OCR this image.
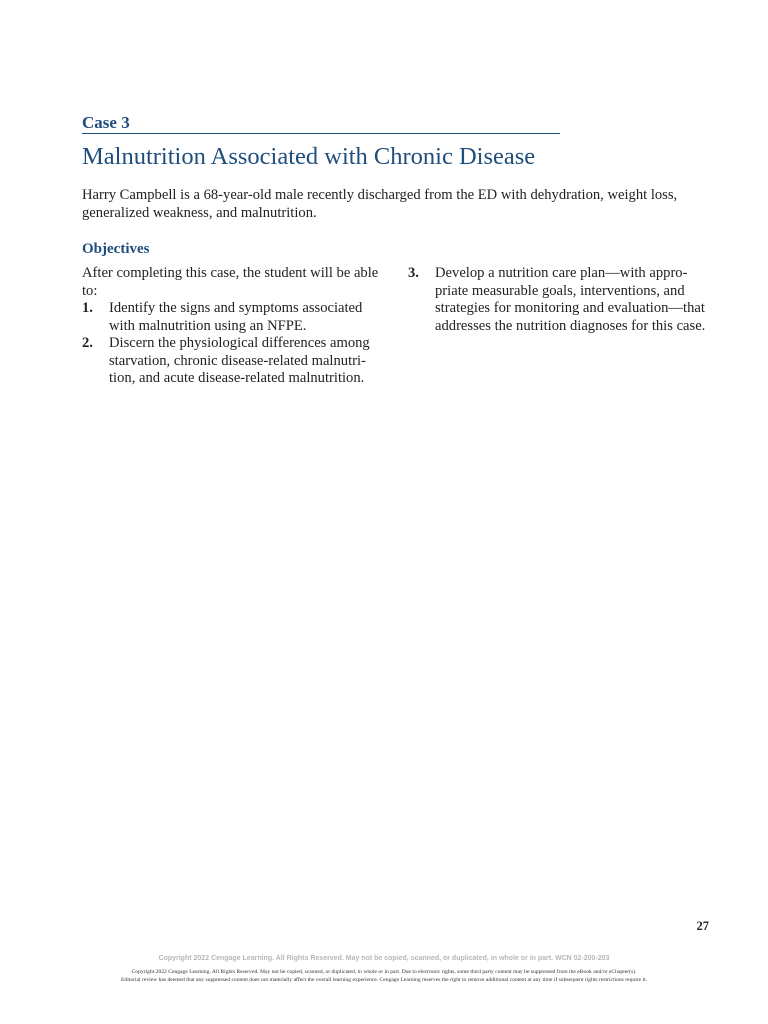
Case 3
Malnutrition Associated with Chronic Disease

Harry Campbell is a 68-year-old male recently discharged from the ED with dehydration, weight loss, generalized weakness, and malnutrition.

Objectives
After completing this case, the student will be able to:
1. Identify the signs and symptoms associated with malnutrition using an NFPE.
2. Discern the physiological differences among starvation, chronic disease-related malnutri-tion, and acute disease-related malnutrition.
3. Develop a nutrition care plan—with appro-priate measurable goals, interventions, and strategies for monitoring and evaluation—that addresses the nutrition diagnoses for this case.
27
Copyright 2022 Cengage Learning. All Rights Reserved. May not be copied, scanned, or duplicated, in whole or in part. WCN 02-200-203
Copyright 2022 Cengage Learning. All Rights Reserved. May not be copied, scanned, or duplicated, in whole or in part. Due to electronic rights, some third party content may be suppressed from the eBook and/or eChapter(s).
Editorial review has deemed that any suppressed content does not materially affect the overall learning experience. Cengage Learning reserves the right to remove additional content at any time if subsequent rights restrictions require it.
